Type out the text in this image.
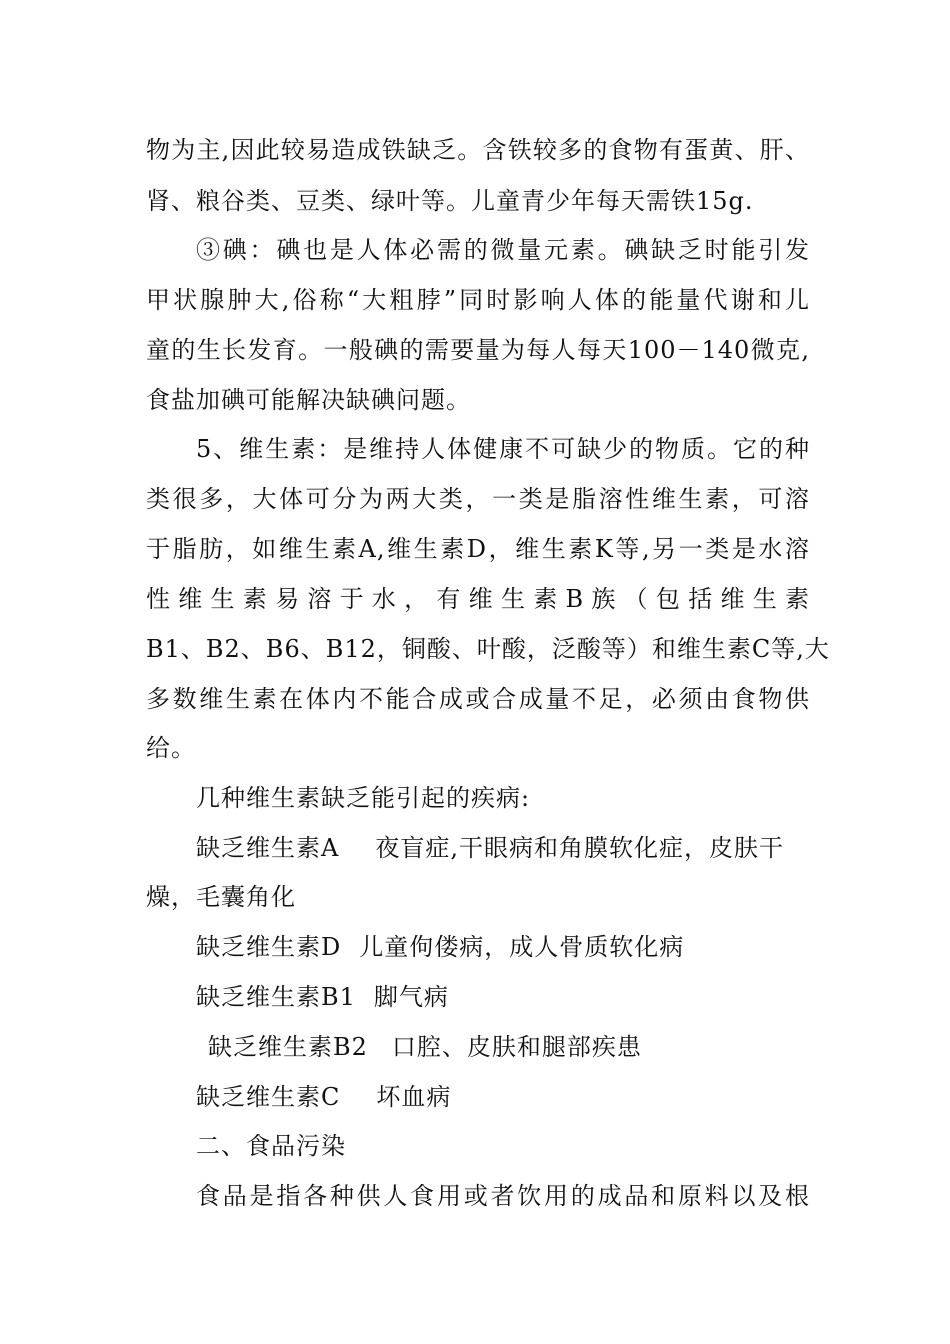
物为主,因此较易造成铁缺乏。含铁较多的食物有蛋黄、肝、
肾、粮谷类、豆类、绿叶等。儿童青少年每天需铁15g.
③碘：碘也是人体必需的微量元素。碘缺乏时能引发
甲状腺肿大,俗称“大粗脖”同时影响人体的能量代谢和儿
童的生长发育。一般碘的需要量为每人每天100－140微克,
食盐加碘可能解决缺碘问题。
5、维生素：是维持人体健康不可缺少的物质。它的种
类很多，大体可分为两大类，一类是脂溶性维生素，可溶
于脂肪，如维生素A,维生素D，维生素K等,另一类是水溶
性维生素易溶于水，有维生素B族（包括维生素
B1、B2、B6、B12，铜酸、叶酸，泛酸等）和维生素C等,大
多数维生素在体内不能合成或合成量不足，必须由食物供
给。
几种维生素缺乏能引起的疾病:
缺乏维生素A 夜盲症,干眼病和角膜软化症，皮肤干
燥，毛囊角化
缺乏维生素D 儿童佝偻病，成人骨质软化病
缺乏维生素B1 脚气病
缺乏维生素B2 口腔、皮肤和腿部疾患
缺乏维生素C 坏血病
二、食品污染
食品是指各种供人食用或者饮用的成品和原料以及根
